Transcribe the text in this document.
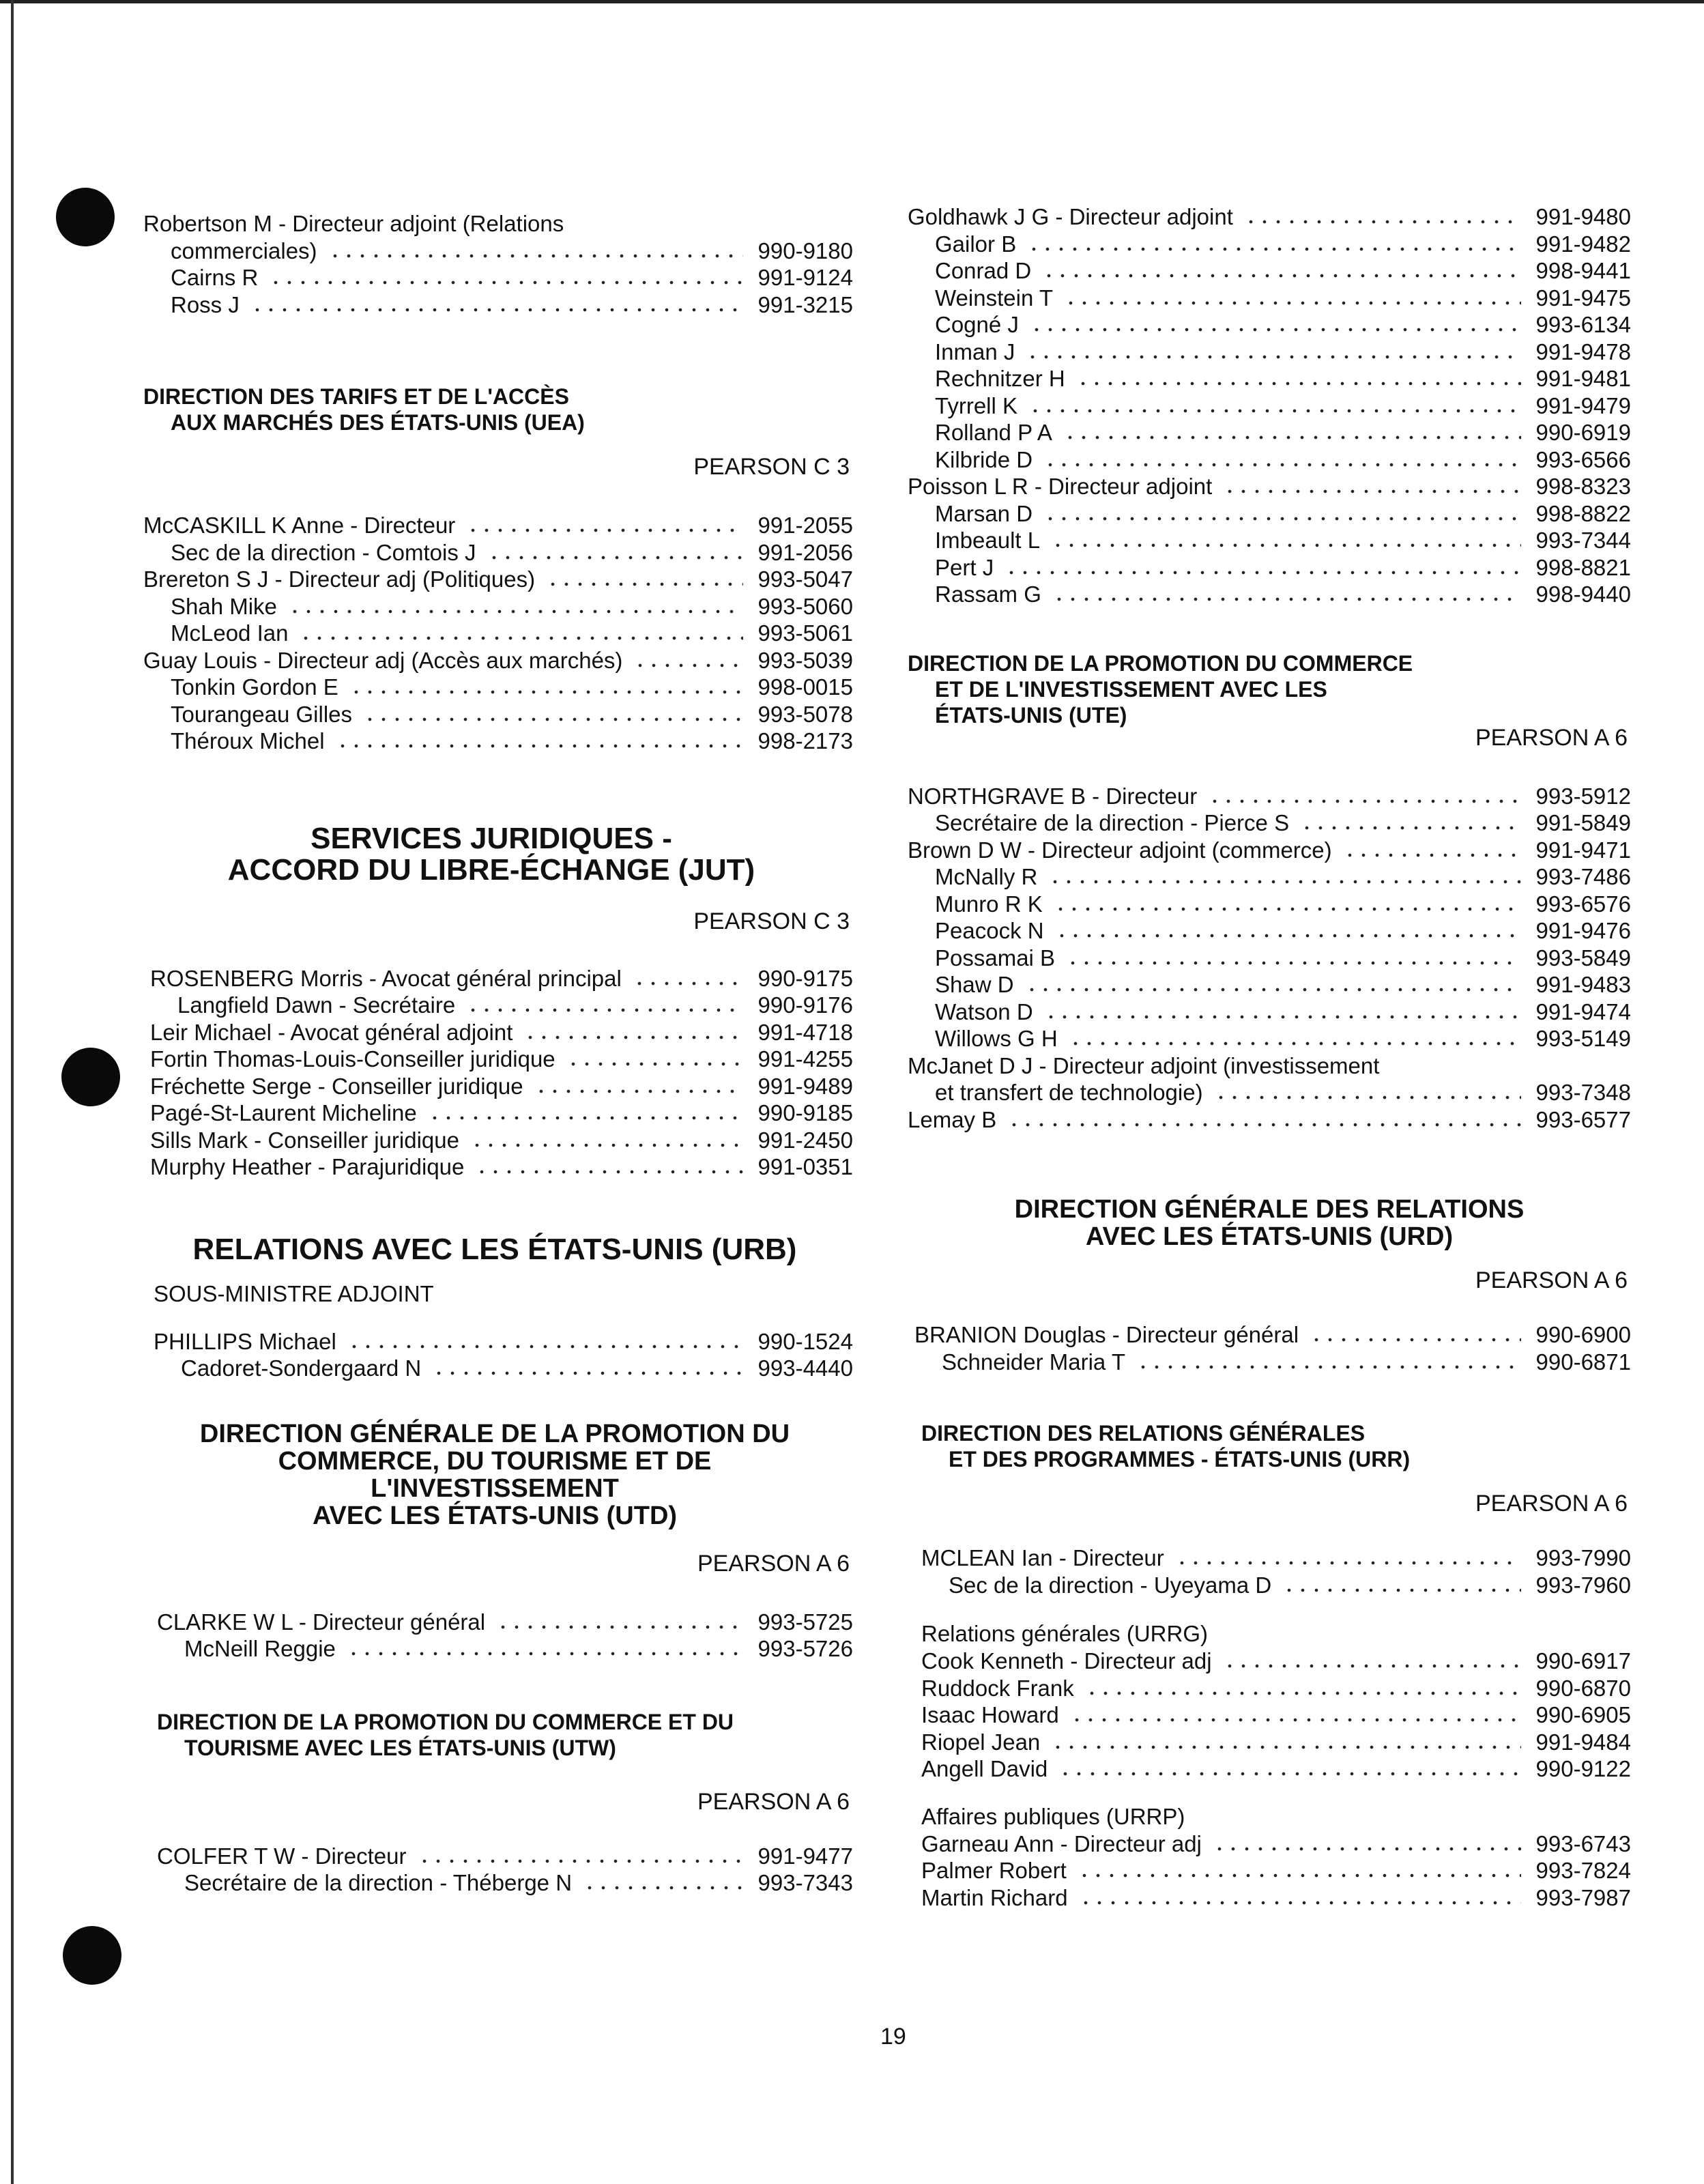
Robertson M - Directeur adjoint (Relations
commerciales)	990-9180
Cairns R	991-9124
Ross J	991-3215
DIRECTION DES TARIFS ET DE L'ACCÈS
AUX MARCHÉS DES ÉTATS-UNIS (UEA)
PEARSON C 3
McCASKILL K Anne - Directeur	991-2055
Sec de la direction - Comtois J	991-2056
Brereton S J - Directeur adj (Politiques)	993-5047
Shah Mike	993-5060
McLeod Ian	993-5061
Guay Louis - Directeur adj (Accès aux marchés)	993-5039
Tonkin Gordon E	998-0015
Tourangeau Gilles	993-5078
Théroux Michel	998-2173
SERVICES JURIDIQUES -
ACCORD DU LIBRE-ÉCHANGE (JUT)
PEARSON C 3
ROSENBERG Morris - Avocat général principal	990-9175
Langfield Dawn - Secrétaire	990-9176
Leir Michael - Avocat général adjoint	991-4718
Fortin Thomas-Louis-Conseiller juridique	991-4255
Fréchette Serge - Conseiller juridique	991-9489
Pagé-St-Laurent Micheline	990-9185
Sills Mark - Conseiller juridique	991-2450
Murphy Heather - Parajuridique	991-0351
RELATIONS AVEC LES ÉTATS-UNIS (URB)
SOUS-MINISTRE ADJOINT
PHILLIPS Michael	990-1524
Cadoret-Sondergaard N	993-4440
DIRECTION GÉNÉRALE DE LA PROMOTION DU
COMMERCE, DU TOURISME ET DE
L'INVESTISSEMENT
AVEC LES ÉTATS-UNIS (UTD)
PEARSON A 6
CLARKE W L - Directeur général	993-5725
McNeill Reggie	993-5726
DIRECTION DE LA PROMOTION DU COMMERCE ET DU
TOURISME AVEC LES ÉTATS-UNIS (UTW)
PEARSON A 6
COLFER T W - Directeur	991-9477
Secrétaire de la direction - Théberge N	993-7343
Goldhawk J G - Directeur adjoint	991-9480
Gailor B	991-9482
Conrad D	998-9441
Weinstein T	991-9475
Cogné J	993-6134
Inman J	991-9478
Rechnitzer H	991-9481
Tyrrell K	991-9479
Rolland P A	990-6919
Kilbride D	993-6566
Poisson L R - Directeur adjoint	998-8323
Marsan D	998-8822
Imbeault L	993-7344
Pert J	998-8821
Rassam G	998-9440
DIRECTION DE LA PROMOTION DU COMMERCE
ET DE L'INVESTISSEMENT AVEC LES
ÉTATS-UNIS (UTE)
PEARSON A 6
NORTHGRAVE B - Directeur	993-5912
Secrétaire de la direction - Pierce S	991-5849
Brown D W - Directeur adjoint (commerce)	991-9471
McNally R	993-7486
Munro R K	993-6576
Peacock N	991-9476
Possamai B	993-5849
Shaw D	991-9483
Watson D	991-9474
Willows G H	993-5149
McJanet D J - Directeur adjoint (investissement
et transfert de technologie)	993-7348
Lemay B	993-6577
DIRECTION GÉNÉRALE DES RELATIONS
AVEC LES ÉTATS-UNIS (URD)
PEARSON A 6
BRANION Douglas - Directeur général	990-6900
Schneider Maria T	990-6871
DIRECTION DES RELATIONS GÉNÉRALES
ET DES PROGRAMMES - ÉTATS-UNIS (URR)
PEARSON A 6
MCLEAN Ian - Directeur	993-7990
Sec de la direction - Uyeyama D	993-7960
Relations générales (URRG)
Cook Kenneth - Directeur adj	990-6917
Ruddock Frank	990-6870
Isaac Howard	990-6905
Riopel Jean	991-9484
Angell David	990-9122
Affaires publiques (URRP)
Garneau Ann - Directeur adj	993-6743
Palmer Robert	993-7824
Martin Richard	993-7987
19
